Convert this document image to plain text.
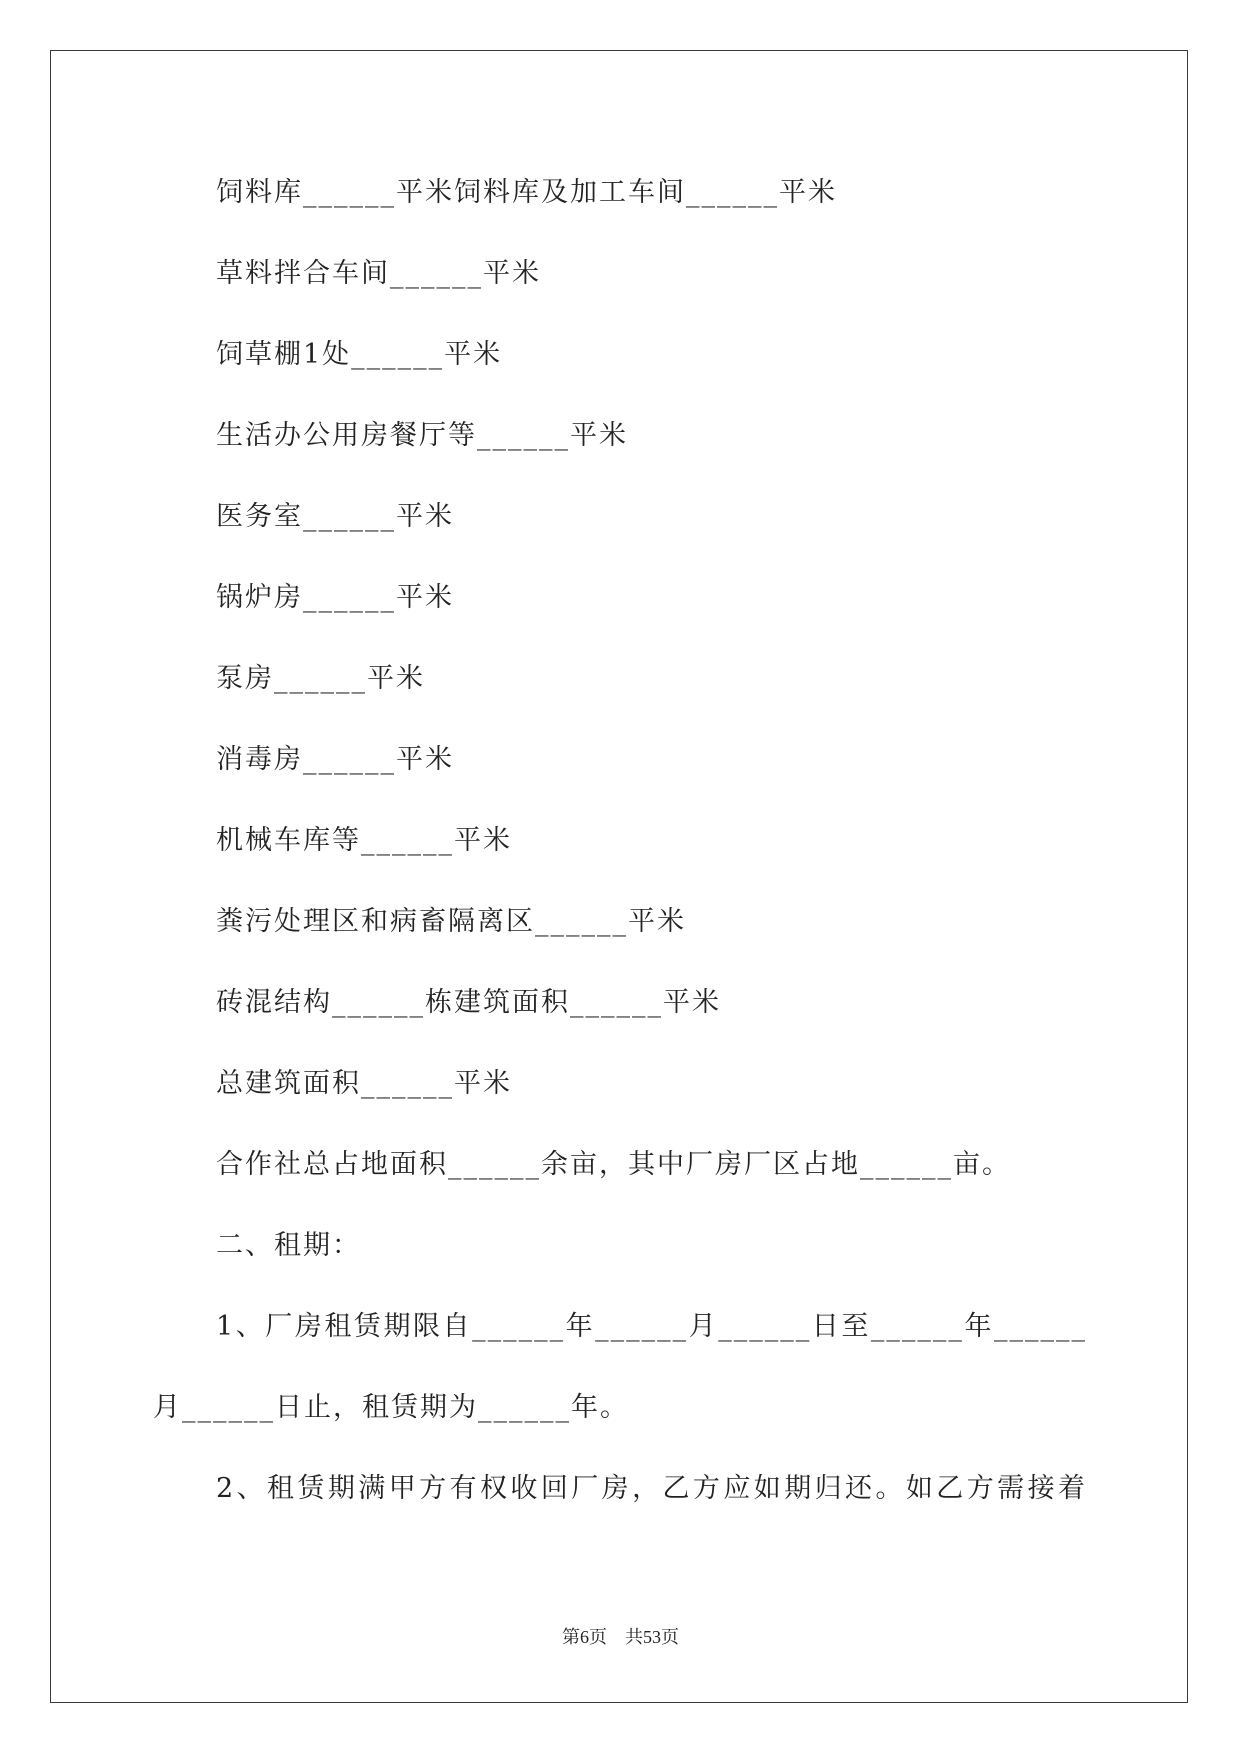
饲料库______平米饲料库及加工车间______平米
草料拌合车间______平米
饲草棚1处______平米
生活办公用房餐厅等______平米
医务室______平米
锅炉房______平米
泵房______平米
消毒房______平米
机械车库等______平米
粪污处理区和病畜隔离区______平米
砖混结构______栋建筑面积______平米
总建筑面积______平米
合作社总占地面积______余亩，其中厂房厂区占地______亩。
二、租期：
1、厂房租赁期限自______年______月______日至______年______
月______日止，租赁期为______年。
2、租赁期满甲方有权收回厂房，乙方应如期归还。如乙方需接着
第6页 共53页
